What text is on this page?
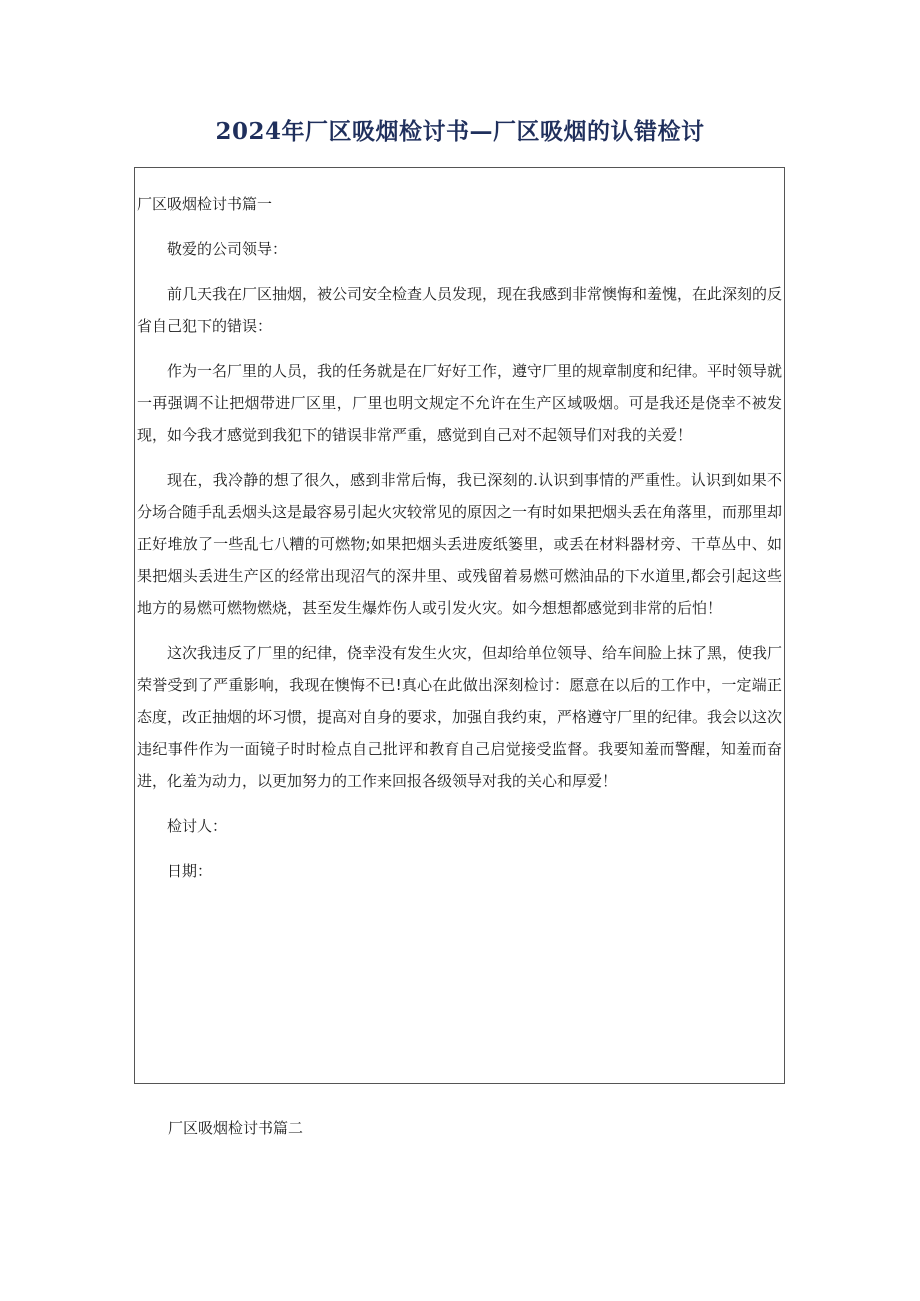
2024年厂区吸烟检讨书—厂区吸烟的认错检讨

厂区吸烟检讨书篇一

敬爱的公司领导：

前几天我在厂区抽烟，被公司安全检查人员发现，现在我感到非常懊悔和羞愧，在此深刻的反省自己犯下的错误：

作为一名厂里的人员，我的任务就是在厂好好工作，遵守厂里的规章制度和纪律。平时领导就一再强调不让把烟带进厂区里，厂里也明文规定不允许在生产区域吸烟。可是我还是侥幸不被发现，如今我才感觉到我犯下的错误非常严重，感觉到自己对不起领导们对我的关爱！

现在，我冷静的想了很久，感到非常后悔，我已深刻的.认识到事情的严重性。认识到如果不分场合随手乱丢烟头这是最容易引起火灾较常见的原因之一有时如果把烟头丢在角落里，而那里却正好堆放了一些乱七八糟的可燃物;如果把烟头丢进废纸篓里，或丢在材料器材旁、干草丛中、如果把烟头丢进生产区的经常出现沼气的深井里、或残留着易燃可燃油品的下水道里,都会引起这些地方的易燃可燃物燃烧，甚至发生爆炸伤人或引发火灾。如今想想都感觉到非常的后怕！

这次我违反了厂里的纪律，侥幸没有发生火灾，但却给单位领导、给车间脸上抹了黑，使我厂荣誉受到了严重影响，我现在懊悔不已!真心在此做出深刻检讨：愿意在以后的工作中，一定端正态度，改正抽烟的坏习惯，提高对自身的要求，加强自我约束，严格遵守厂里的纪律。我会以这次违纪事件作为一面镜子时时检点自己批评和教育自己启觉接受监督。我要知羞而警醒，知羞而奋进，化羞为动力，以更加努力的工作来回报各级领导对我的关心和厚爱！

检讨人：

日期：

厂区吸烟检讨书篇二
